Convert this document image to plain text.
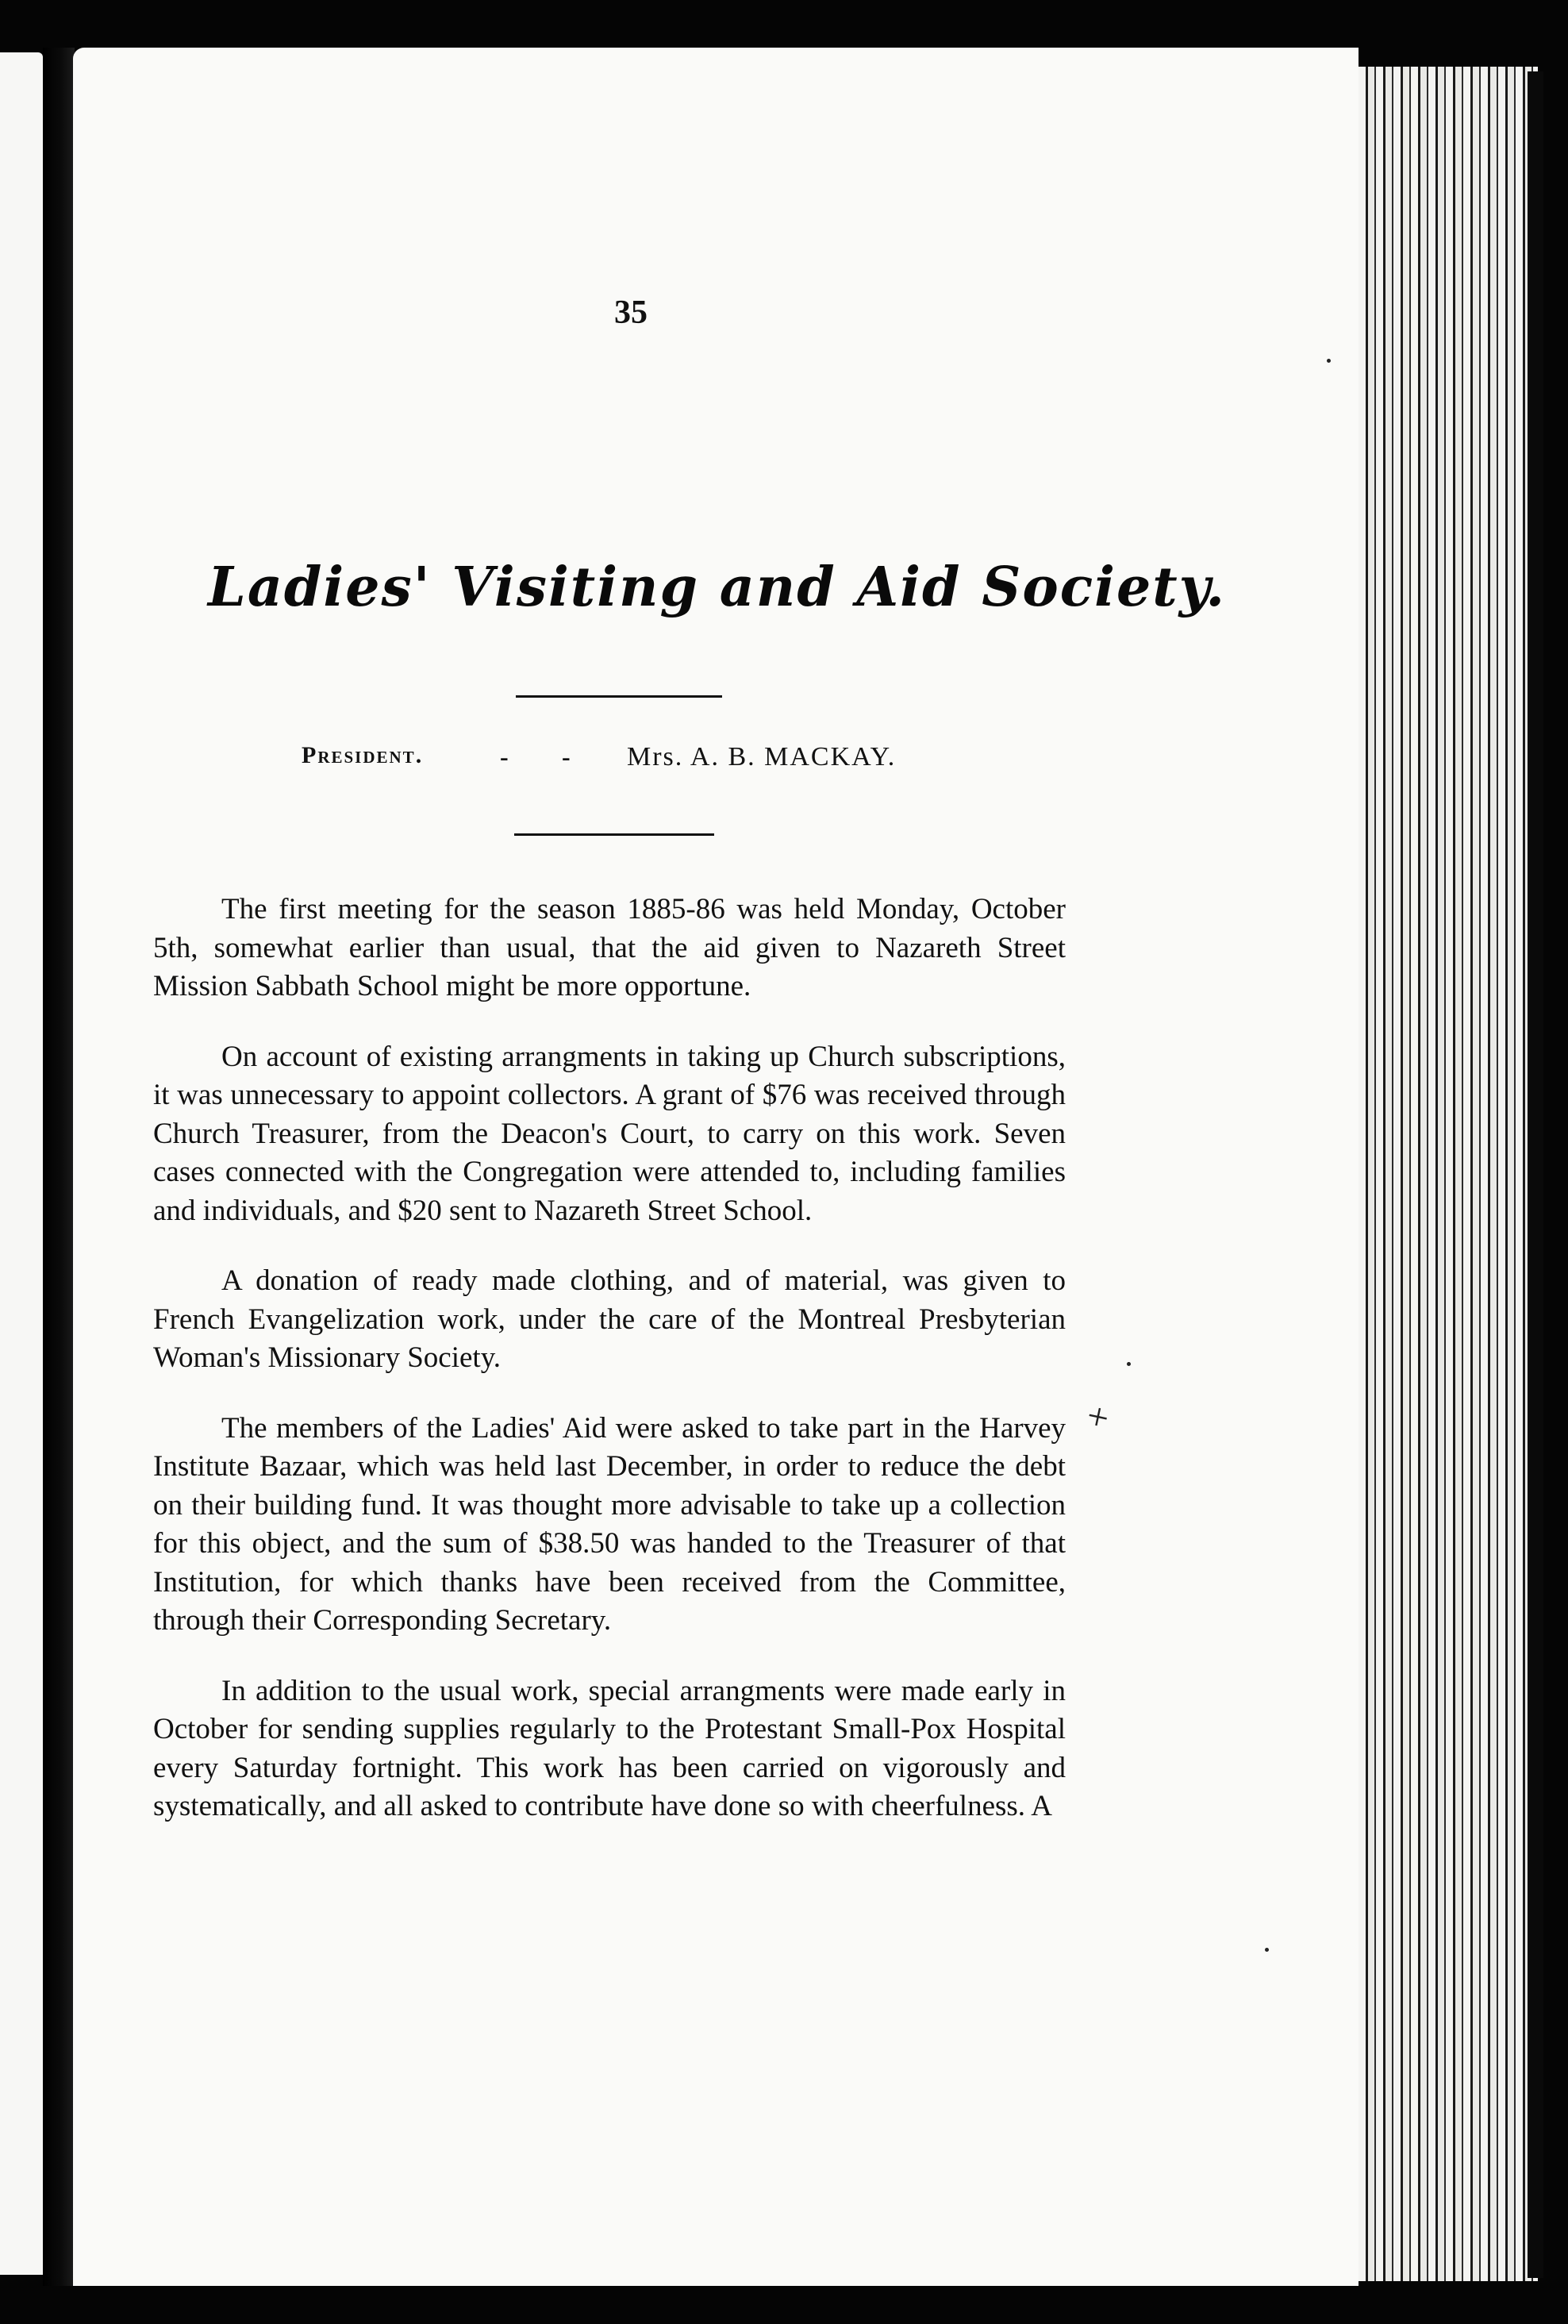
35
Ladies' Visiting and Aid Society.
President.	- - Mrs. A. B. MACKAY.

The first meeting for the season 1885-86 was held Monday, October 5th, somewhat earlier than usual, that the aid given to Nazareth Street Mission Sabbath School might be more opportune.

On account of existing arrangments in taking up Church subscriptions, it was unnecessary to appoint collectors. A grant of $76 was received through Church Treasurer, from the Deacon's Court, to carry on this work. Seven cases connected with the Congregation were attended to, including families and individuals, and $20 sent to Nazareth Street School.

A donation of ready made clothing, and of material, was given to French Evangelization work, under the care of the Montreal Presbyterian Woman's Missionary Society.

The members of the Ladies' Aid were asked to take part in the Harvey Institute Bazaar, which was held last December, in order to reduce the debt on their building fund. It was thought more advisable to take up a collection for this object, and the sum of $38.50 was handed to the Treasurer of that Institution, for which thanks have been received from the Committee, through their Corresponding Secretary.

In addition to the usual work, special arrangments were made early in October for sending supplies regularly to the Protestant Small-Pox Hospital every Saturday fortnight. This work has been carried on vigorously and systematically, and all asked to contribute have done so with cheerfulness. A

+
